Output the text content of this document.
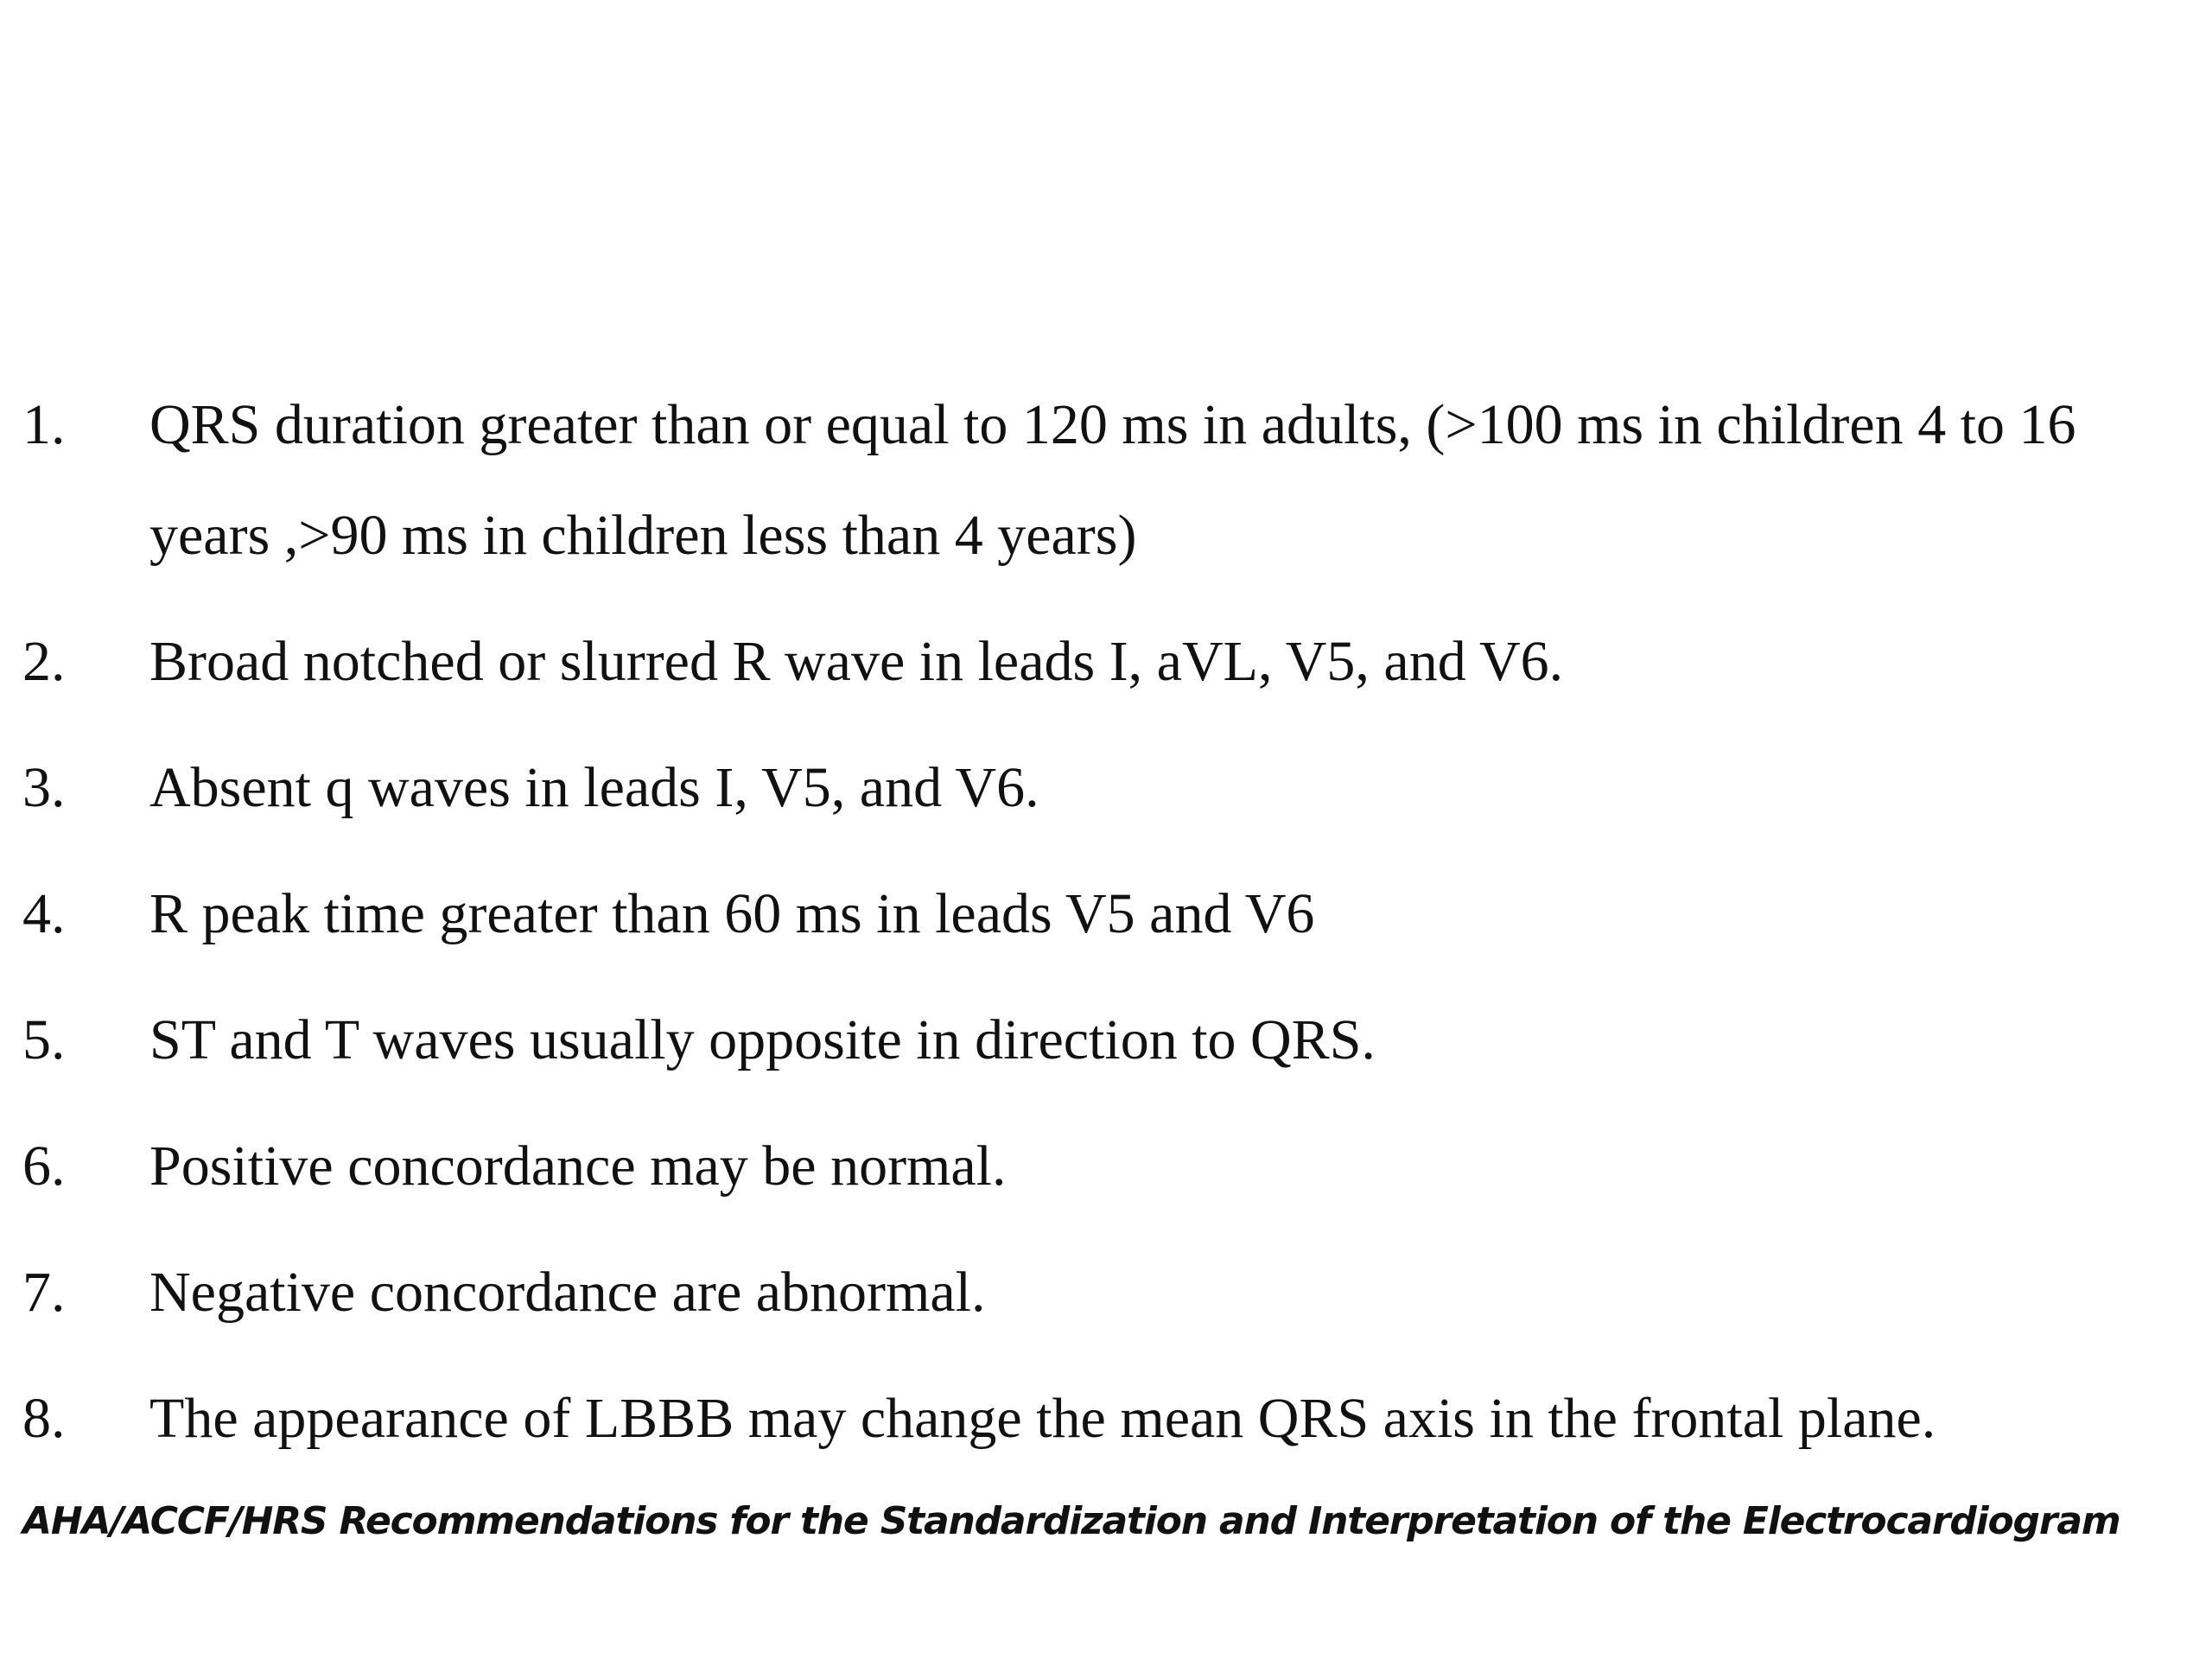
1.	QRS duration greater than or equal to 120 ms in adults, (>100 ms in children 4 to 16 years ,>90 ms in children less than 4 years)
2.	Broad notched or slurred R wave in leads I, aVL, V5, and V6.
3.	Absent q waves in leads I, V5, and V6.
4.	R peak time greater than 60 ms in leads V5 and V6
5.	ST and T waves usually opposite in direction to QRS.
6.	Positive concordance may be normal.
7.	Negative concordance are abnormal.
8.	The appearance of LBBB may change the mean QRS axis in the frontal plane.
AHA/ACCF/HRS Recommendations for the Standardization and Interpretation of the Electrocardiogram
